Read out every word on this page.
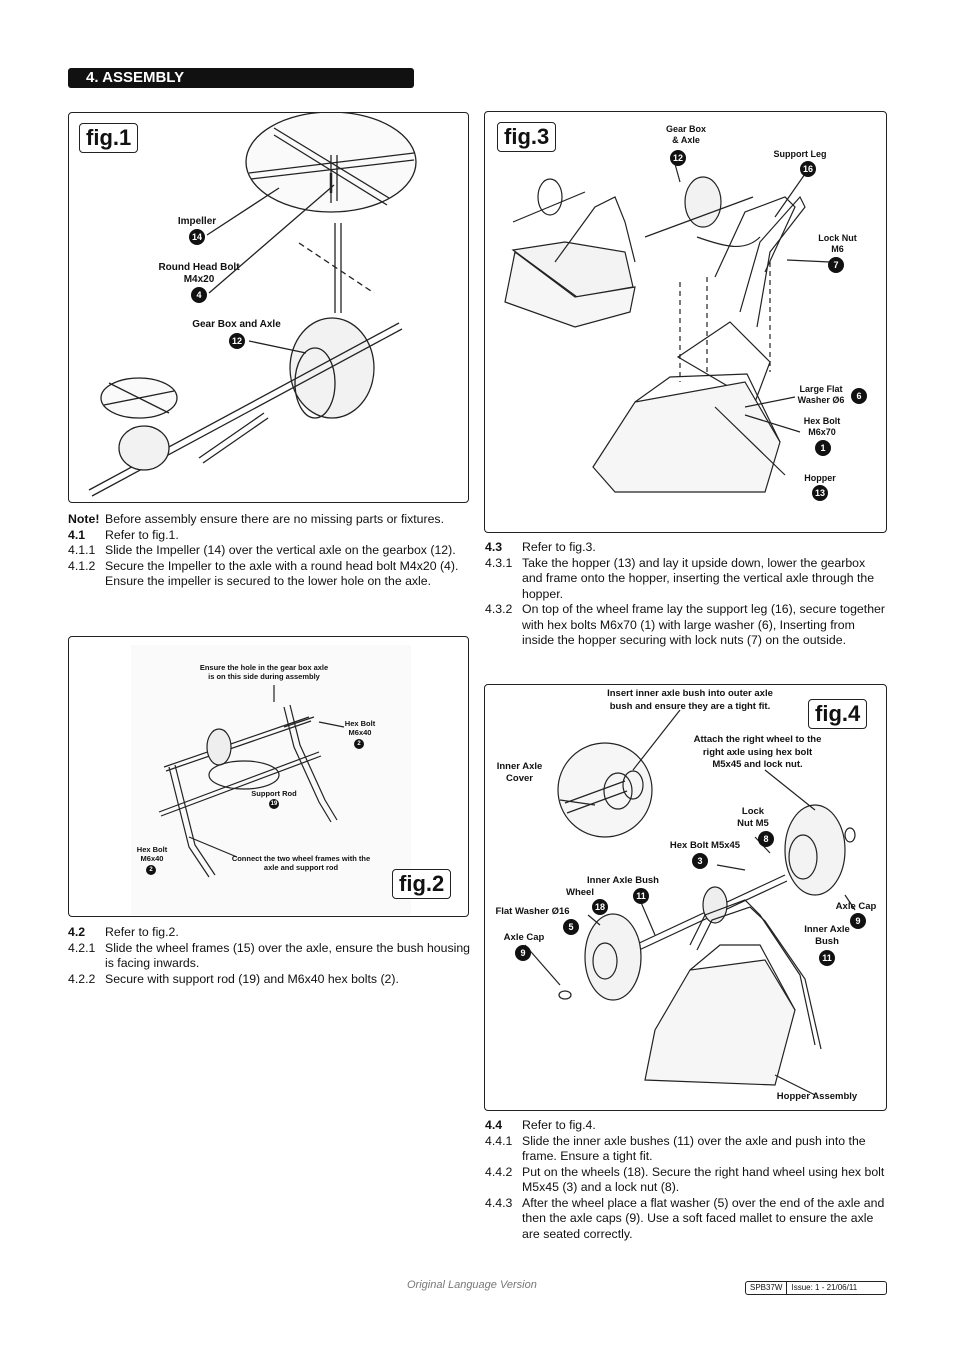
4. ASSEMBLY
fig.1
Impeller
14
Round Head Bolt
M4x20
4
Gear Box and Axle
12
Note! Before assembly ensure there are no missing parts or fixtures.
4.1	Refer to fig.1.
4.1.1 Slide the Impeller (14) over the vertical axle on the gearbox (12).
4.1.2 Secure the Impeller to the axle with a round head bolt M4x20 (4). Ensure the impeller is secured to the lower hole on the axle.
Ensure the hole in the gear box axle
is on this side during assembly
Hex Bolt
M6x40
2
Support Rod
19
Hex Bolt
M6x40
2
Connect the two wheel frames with the
axle and support rod
fig.2
4.2	Refer to fig.2.
4.2.1 Slide the wheel frames (15) over the axle, ensure the bush housing is facing inwards.
4.2.2 Secure with support rod (19) and M6x40 hex bolts (2).
fig.3	Gear Box
& Axle
12	Support Leg
16
Lock Nut
M6
7
Large Flat
Washer Ø6	6
Hex Bolt
M6x70
1
Hopper
13
4.3	Refer to fig.3.
4.3.1 Take the hopper (13) and lay it upside down, lower the gearbox and frame onto the hopper, inserting the vertical axle through the hopper.
4.3.2 On top of the wheel frame lay the support leg (16), secure together with hex bolts M6x70 (1) with large washer (6), Inserting from inside the hopper securing with lock nuts (7) on the outside.
Insert inner axle bush into outer axle
bush and ensure they are a tight fit.	fig.4
Inner Axle
Cover
Attach the right wheel to the
right axle using hex bolt
M5x45 and lock nut.
Lock
Nut M5
8
Hex Bolt M5x45
3
Inner Axle Bush
11
Wheel
18
Flat Washer Ø16
5
Axle Cap
9
Axle Cap
9
Inner Axle
Bush
11
Hopper Assembly
4.4	Refer to fig.4.
4.4.1 Slide the inner axle bushes (11) over the axle and push into the frame. Ensure a tight fit.
4.4.2 Put on the wheels (18). Secure the right hand wheel using hex bolt M5x45 (3) and a lock nut (8).
4.4.3 After the wheel place a flat washer (5) over the end of the axle and then the axle caps (9). Use a soft faced mallet to ensure the axle are seated correctly.
Original Language Version	SPB37W	Issue: 1 - 21/06/11
